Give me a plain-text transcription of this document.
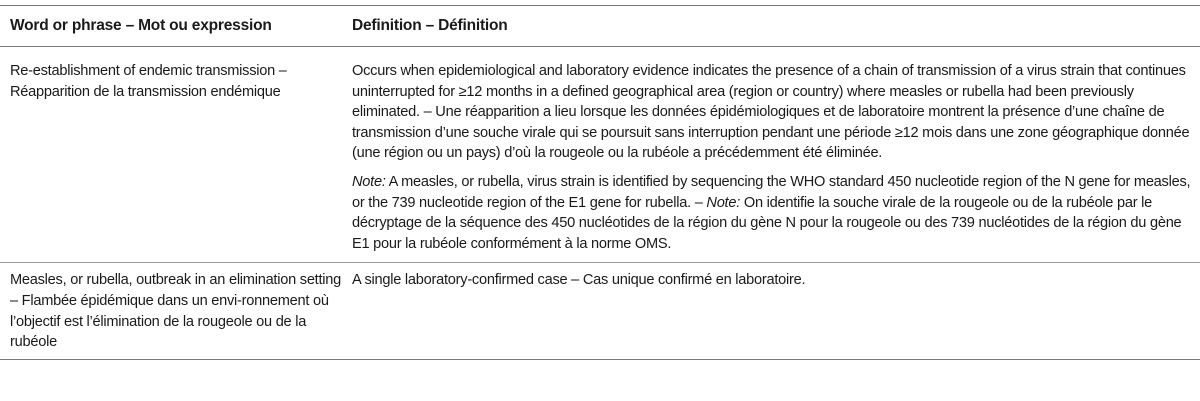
Word or phrase – Mot ou expression	Definition – Définition
Re-establishment of endemic transmission – Réapparition de la transmission endémique	Occurs when epidemiological and laboratory evidence indicates the presence of a chain of transmission of a virus strain that continues uninterrupted for ≥12 months in a defined geographical area (region or country) where measles or rubella had been previously eliminated. – Une réapparition a lieu lorsque les données épidémiologiques et de laboratoire montrent la présence d’une chaîne de transmission d’une souche virale qui se poursuit sans interruption pendant une période ≥12 mois dans une zone géographique donnée (une région ou un pays) d’où la rougeole ou la rubéole a précédemment été éliminée.
Note: A measles, or rubella, virus strain is identified by sequencing the WHO standard 450 nucleotide region of the N gene for measles, or the 739 nucleotide region of the E1 gene for rubella. – Note: On identifie la souche virale de la rougeole ou de la rubéole par le décryptage de la séquence des 450 nucléotides de la région du gène N pour la rougeole ou des 739 nucléotides de la région du gène E1 pour la rubéole conformément à la norme OMS.

Measles, or rubella, outbreak in an elimination setting – Flambée épidémique dans un envi-ronnement où l’objectif est l’élimination de la rougeole ou de la rubéole	A single laboratory-confirmed case – Cas unique confirmé en laboratoire.
